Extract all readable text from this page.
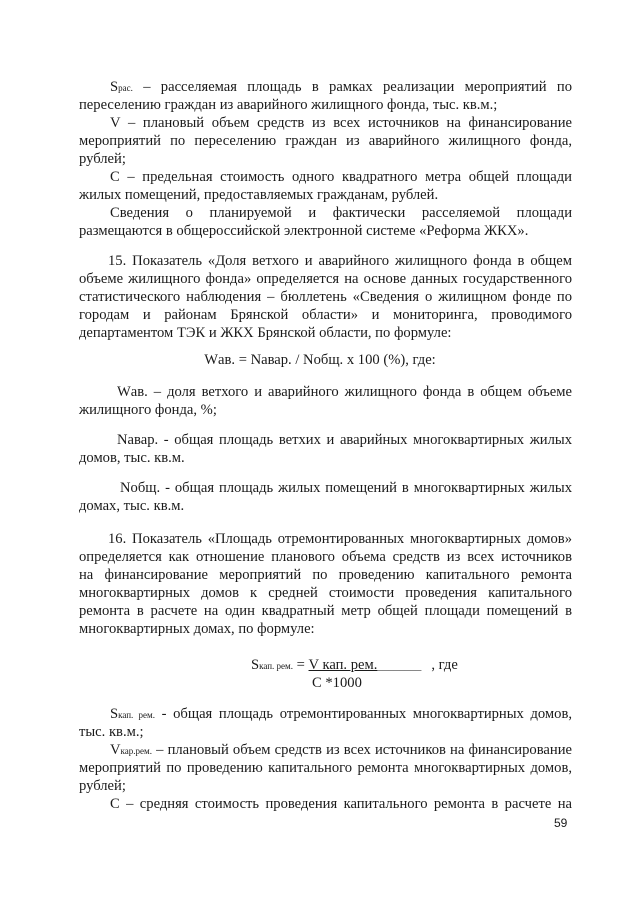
Sрас. – расселяемая площадь в рамках реализации мероприятий по
переселению граждан из аварийного жилищного фонда, тыс. кв.м.;
V – плановый объем средств из всех источников на финансирование
мероприятий по переселению граждан из аварийного жилищного фонда,
рублей;
С – предельная стоимость одного квадратного метра общей площади
жилых помещений, предоставляемых гражданам, рублей.
Сведения о планируемой и фактически расселяемой площади
размещаются в общероссийской электронной системе «Реформа ЖКХ».
15. Показатель «Доля ветхого и аварийного жилищного фонда в общем
объеме жилищного фонда» определяется на основе данных государственного
статистического наблюдения – бюллетень «Сведения о жилищном фонде по
городам и районам Брянской области» и мониторинга, проводимого
департаментом ТЭК и ЖКХ Брянской области, по формуле:
Wав. = Nавар. / Nобщ. х 100 (%), где:
Wав. – доля ветхого и аварийного жилищного фонда в общем объеме
жилищного фонда, %;
Nавар. - общая площадь ветхих и аварийных многоквартирных жилых
домов, тыс. кв.м.
Nобщ. - общая площадь жилых помещений в многоквартирных жилых
домах, тыс. кв.м.
16. Показатель «Площадь отремонтированных многоквартирных домов»
определяется как отношение планового объема средств из всех источников
на финансирование мероприятий по проведению капитального ремонта
многоквартирных домов к средней стоимости проведения капитального
ремонта в расчете на один квадратный метр общей площади помещений в
многоквартирных домах, по формуле:
Sкап. рем. = V кап. рем.________ , где
С *1000
Sкап. рем. - общая площадь отремонтированных многоквартирных домов,
тыс. кв.м.;
Vкар.рем. – плановый объем средств из всех источников на финансирование
мероприятий по проведению капитального ремонта многоквартирных домов,
рублей;
С – средняя стоимость проведения капитального ремонта в расчете на
59
